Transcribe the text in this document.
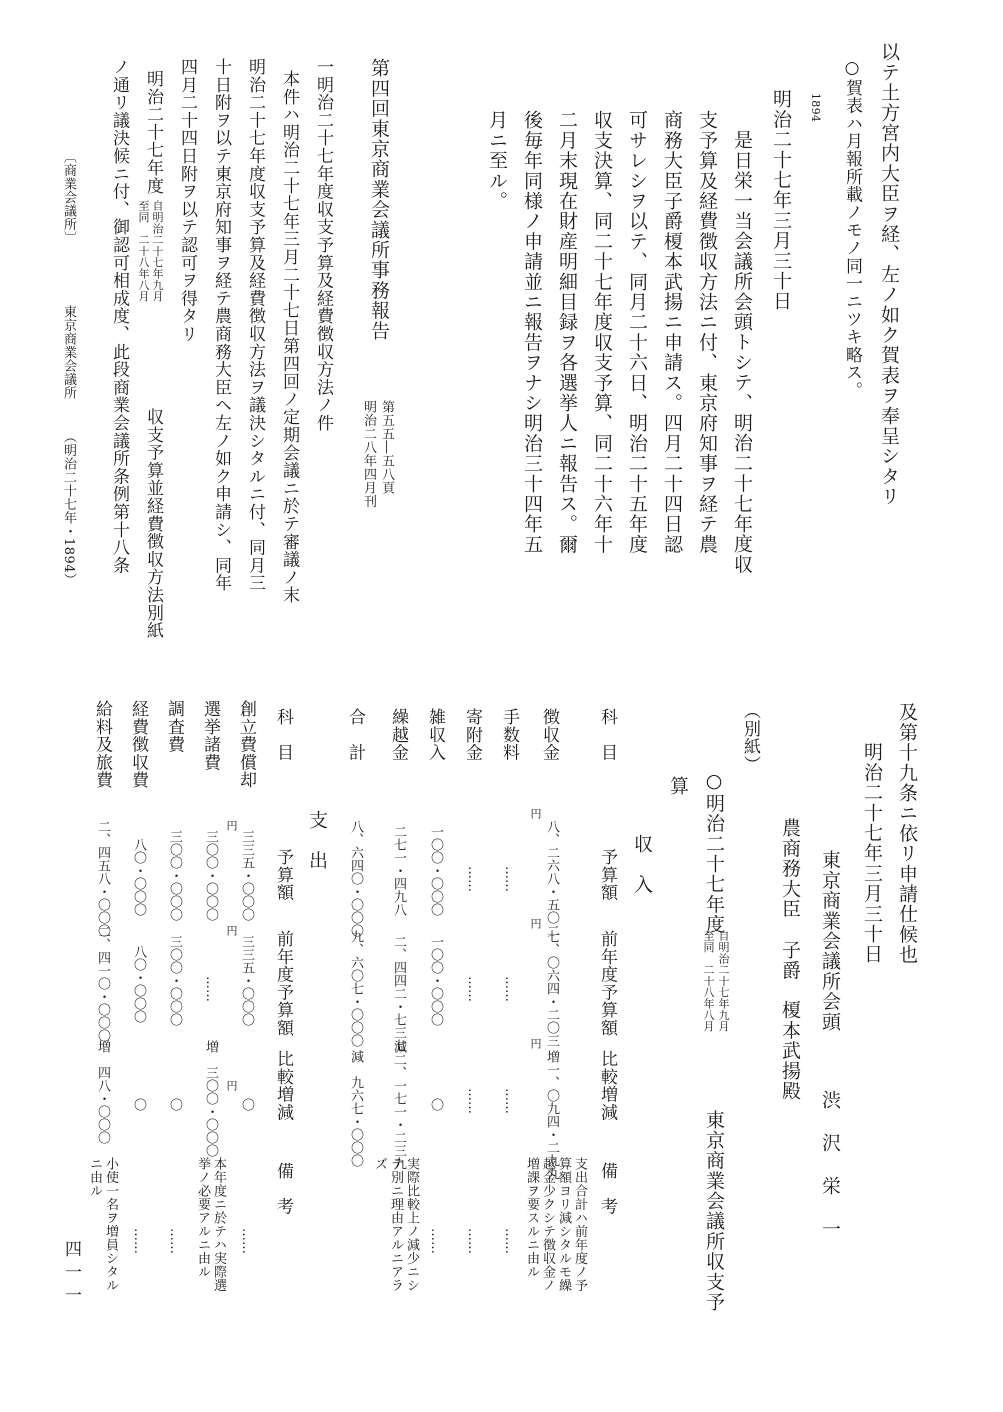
以テ土方宮内大臣ヲ経、左ノ如ク賀表ヲ奉呈シタリ
○賀表ハ月報所載ノモノ同一ニツキ略ス。
1894
明治二十七年三月三十日
是日栄一当会議所会頭トシテ、明治二十七年度収
支予算及経費徴収方法ニ付、東京府知事ヲ経テ農
商務大臣子爵榎本武揚ニ申請ス。四月二十四日認
可サレシヲ以テ、同月二十六日、明治二十五年度
収支決算、同二十七年度収支予算、同二十六年十
二月末現在財産明細目録ヲ各選挙人ニ報告ス。爾
後毎年同様ノ申請並ニ報告ヲナシ明治三十四年五
月ニ至ル。
第四回東京商業会議所事務報告
第五五―五八頁
明治二八年四月刊
一明治二十七年度収支予算及経費徴収方法ノ件
本件ハ明治二十七年三月二十七日第四回ノ定期会議ニ於テ審議ノ末
明治二十七年度収支予算及経費徴収方法ヲ議決シタルニ付、同月三
十日附ヲ以テ東京府知事ヲ経テ農商務大臣ヘ左ノ如ク申請シ、同年
四月二十四日附ヲ以テ認可ヲ得タリ
明治二十七年度
自明治二十七年九月
至同　二十八年八月
収支予算並経費徴収方法別紙
ノ通リ議決候ニ付、御認可相成度、此段商業会議所条例第十八条
〔商業会議所〕
東京商業会議所
（明治二十七年・1894）
及第十九条ニ依リ申請仕候也
明治二十七年三月三十日
東京商業会議所会頭
渋沢栄一
農商務大臣
子爵
榎本武揚殿
（別紙）
○明治二十七年度
自明治二十七年九月
至同　二十八年八月
東京商業会議所収支予
算
収　入
科　目
予算額
前年度予算額
比較増減
備　考
徴収金
八、二六八・五〇二
円
七、〇六四・二〇三
円
増一、〇九四・二九九
円
支出合計ハ前年度ノ予
算額ヨリ減シタルモ繰
越金少クシテ徴収金ノ
増課ヲ要スルニ由ル
手数料
……
……
……
……
寄附金
……
……
……
……
雑収入
一〇〇・〇〇〇
一〇〇・〇〇〇
〇
……
繰越金
二七一・四九八
二、四四二・七三七
減二、一七一・二三九
実際比較上ノ減少ニシ
テ別ニ理由アルニアラ
ズ
合　計
八、六四〇・〇〇〇
九、六〇七・〇〇〇
減　九六七・〇〇〇
支　出
科　目
予算額
前年度予算額
比較増減
備　考
創立費償却
三三五・〇〇〇
円
三三五・〇〇〇
円
〇
円
……
選挙諸費
三〇〇・〇〇〇
……
増　三〇〇・〇〇〇
本年度ニ於テハ実際選
挙ノ必要アルニ由ル
調査費
三〇〇・〇〇〇
三〇〇・〇〇〇
〇
……
経費徴収費
八〇・〇〇〇
八〇・〇〇〇
〇
……
給料及旅費
二、四五八・〇〇〇
二、四一〇・〇〇〇
増　四八・〇〇〇
小使一名ヲ増員シタル
ニ由ル
四一一
